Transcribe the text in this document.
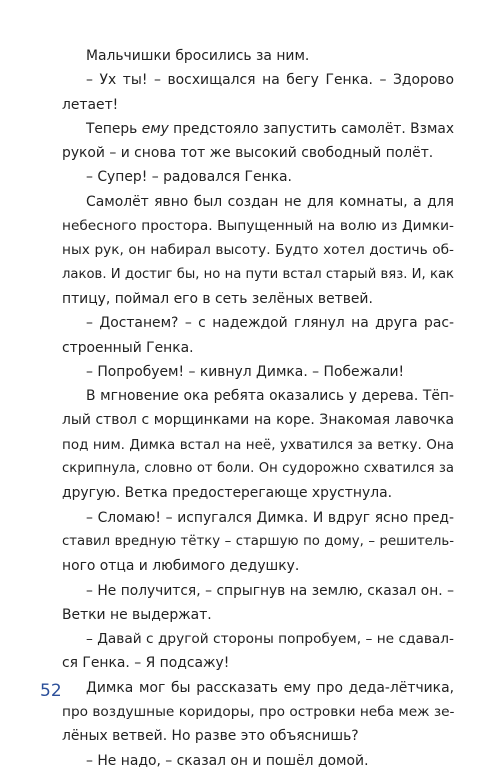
Мальчишки бросились за ним.
– Ух ты! – восхищался на бегу Генка. – Здорово
летает!
Теперь ему предстояло запустить самолёт. Взмах
рукой – и снова тот же высокий свободный полёт.
– Супер! – радовался Генка.
Самолёт явно был создан не для комнаты, а для
небесного простора. Выпущенный на волю из Димки-
ных рук, он набирал высоту. Будто хотел достичь об-
лаков. И достиг бы, но на пути встал старый вяз. И, как
птицу, поймал его в сеть зелёных ветвей.
– Достанем? – с надеждой глянул на друга рас-
строенный Генка.
– Попробуем! – кивнул Димка. – Побежали!
В мгновение ока ребята оказались у дерева. Тёп-
лый ствол с морщинками на коре. Знакомая лавочка
под ним. Димка встал на неё, ухватился за ветку. Она
скрипнула, словно от боли. Он судорожно схватился за
другую. Ветка предостерегающе хрустнула.
– Сломаю! – испугался Димка. И вдруг ясно пред-
ставил вредную тётку – старшую по дому, – решитель-
ного отца и любимого дедушку.
– Не получится, – спрыгнув на землю, сказал он. –
Ветки не выдержат.
– Давай с другой стороны попробуем, – не сдавал-
ся Генка. – Я подсажу!
Димка мог бы рассказать ему про деда-лётчика,
про воздушные коридоры, про островки неба меж зе-
лёных ветвей. Но разве это объяснишь?
– Не надо, – сказал он и пошёл домой.
52
